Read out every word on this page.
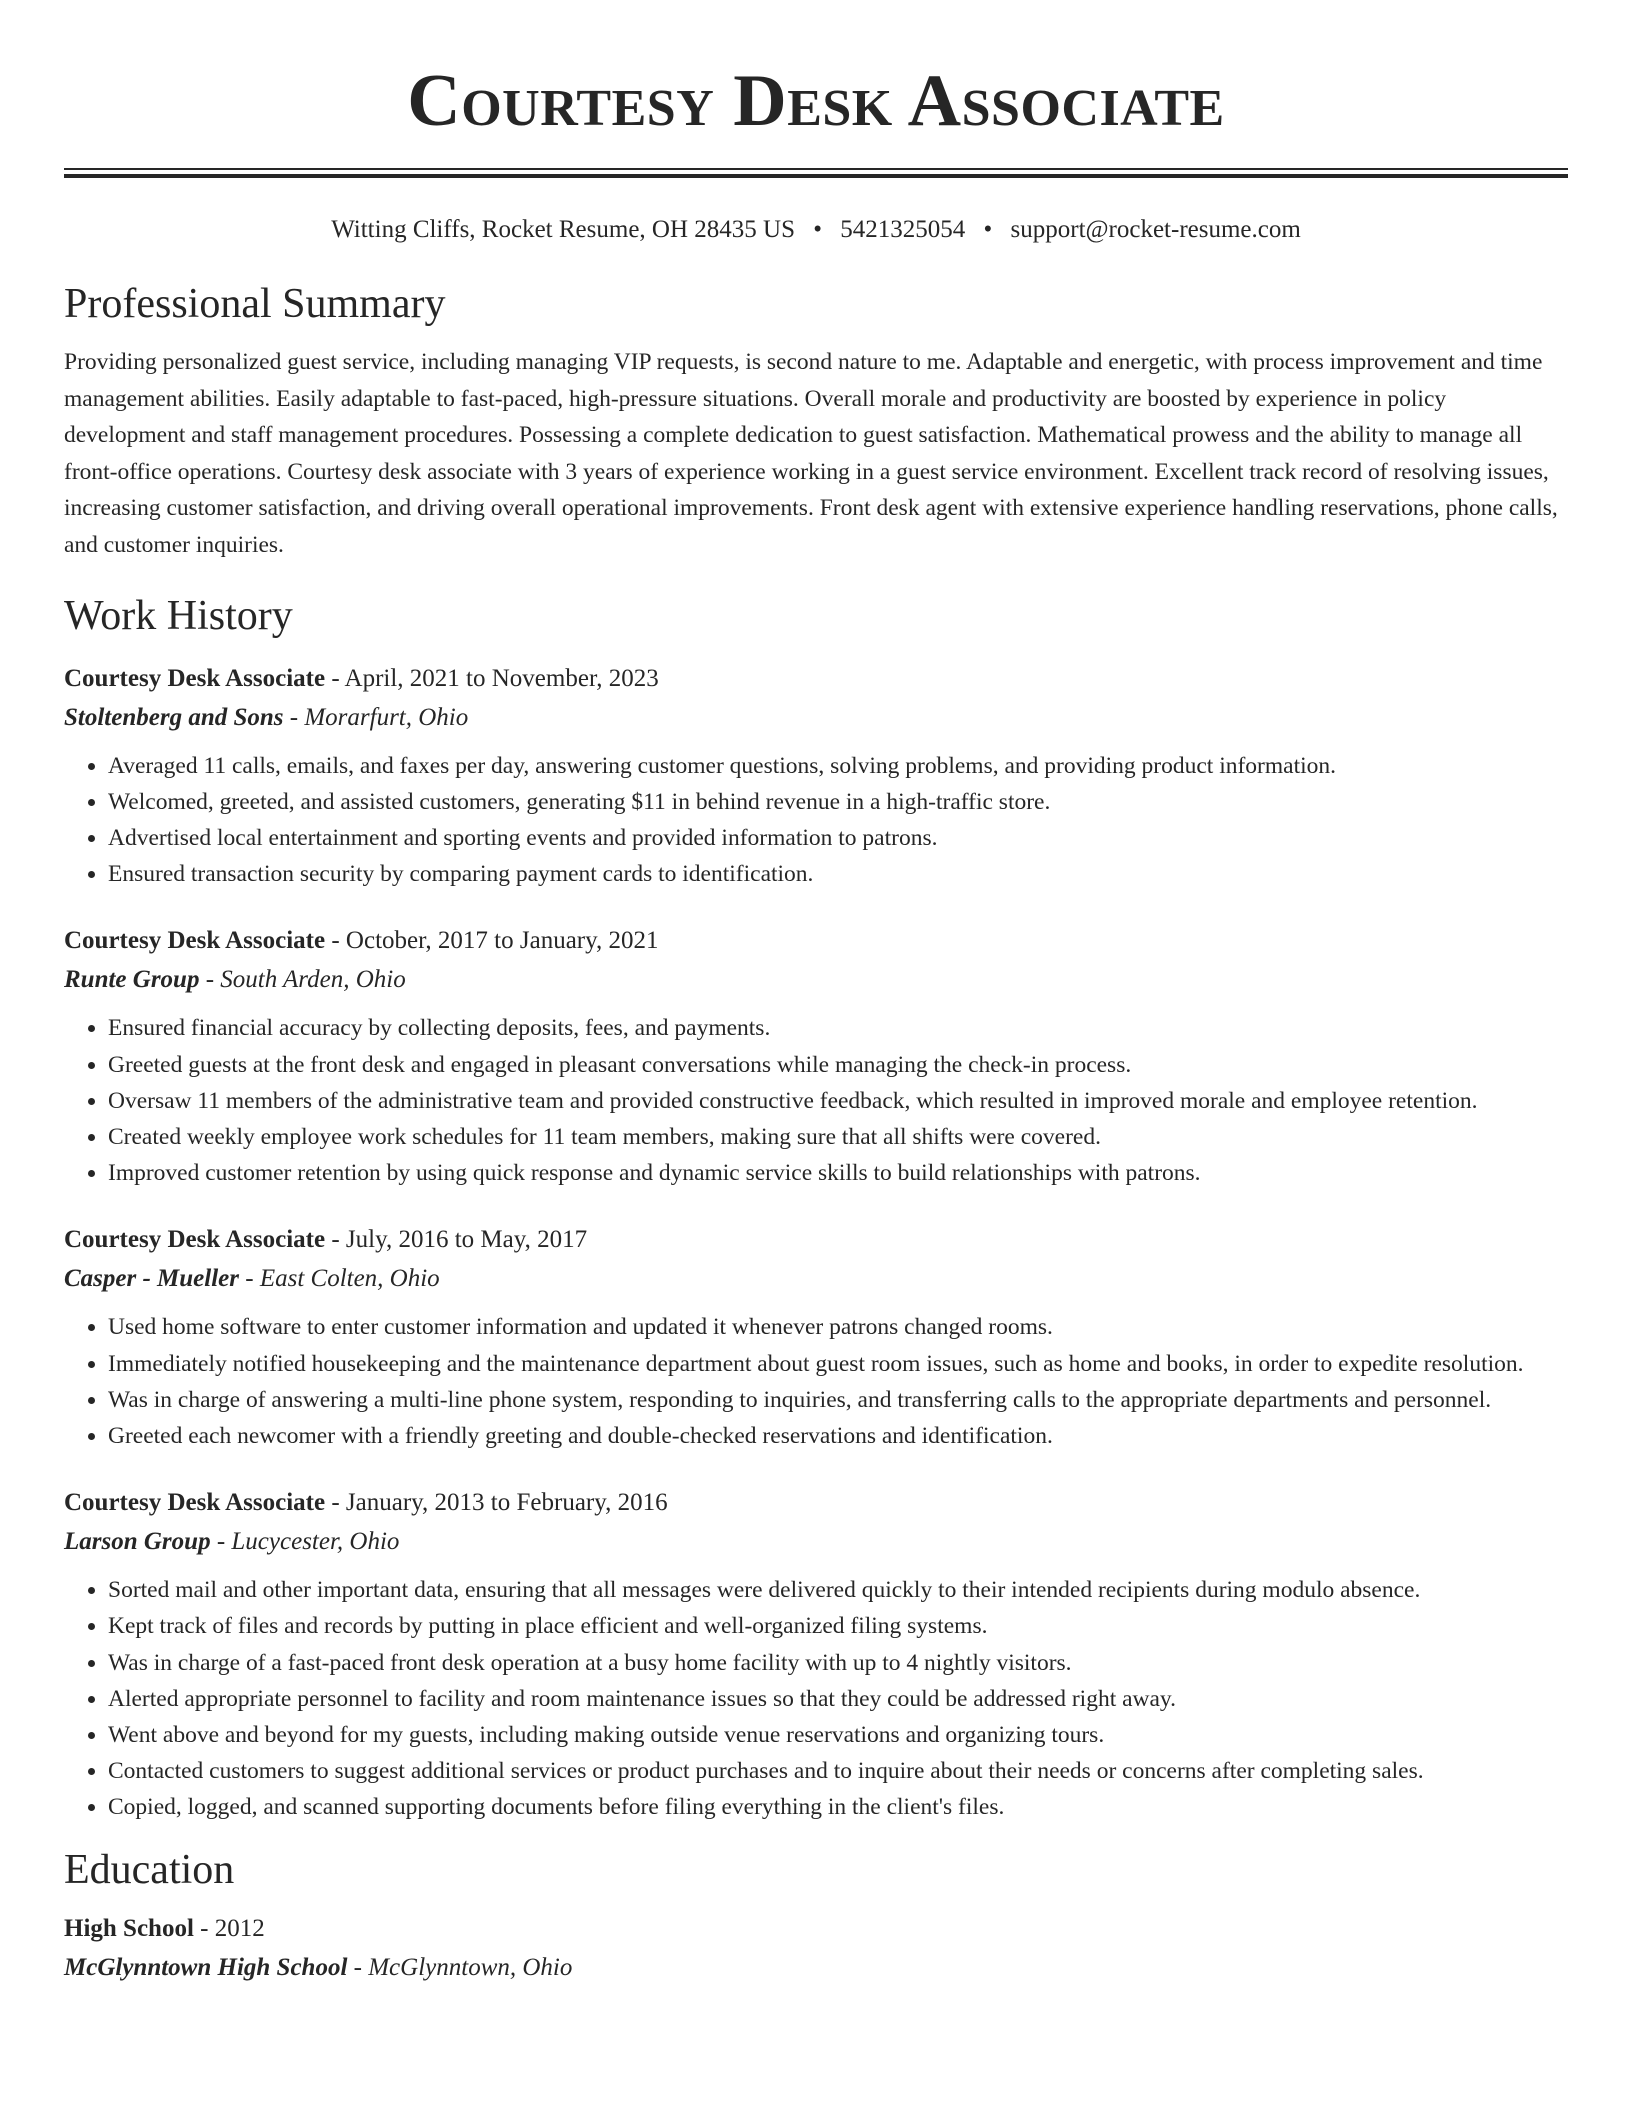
Courtesy Desk Associate
Witting Cliffs, Rocket Resume, OH 28435 US • 5421325054 • support@rocket-resume.com
Professional Summary

Providing personalized guest service, including managing VIP requests, is second nature to me. Adaptable and energetic, with process improvement and time management abilities. Easily adaptable to fast-paced, high-pressure situations. Overall morale and productivity are boosted by experience in policy development and staff management procedures. Possessing a complete dedication to guest satisfaction. Mathematical prowess and the ability to manage all front-office operations. Courtesy desk associate with 3 years of experience working in a guest service environment. Excellent track record of resolving issues, increasing customer satisfaction, and driving overall operational improvements. Front desk agent with extensive experience handling reservations, phone calls, and customer inquiries.

Work History
Courtesy Desk Associate - April, 2021 to November, 2023
Stoltenberg and Sons - Morarfurt, Ohio
• Averaged 11 calls, emails, and faxes per day, answering customer questions, solving problems, and providing product information.
• Welcomed, greeted, and assisted customers, generating $11 in behind revenue in a high-traffic store.
• Advertised local entertainment and sporting events and provided information to patrons.
• Ensured transaction security by comparing payment cards to identification.
Courtesy Desk Associate - October, 2017 to January, 2021
Runte Group - South Arden, Ohio
• Ensured financial accuracy by collecting deposits, fees, and payments.
• Greeted guests at the front desk and engaged in pleasant conversations while managing the check-in process.
• Oversaw 11 members of the administrative team and provided constructive feedback, which resulted in improved morale and employee retention.
• Created weekly employee work schedules for 11 team members, making sure that all shifts were covered.
• Improved customer retention by using quick response and dynamic service skills to build relationships with patrons.
Courtesy Desk Associate - July, 2016 to May, 2017
Casper - Mueller - East Colten, Ohio
• Used home software to enter customer information and updated it whenever patrons changed rooms.
• Immediately notified housekeeping and the maintenance department about guest room issues, such as home and books, in order to expedite resolution.
• Was in charge of answering a multi-line phone system, responding to inquiries, and transferring calls to the appropriate departments and personnel.
• Greeted each newcomer with a friendly greeting and double-checked reservations and identification.
Courtesy Desk Associate - January, 2013 to February, 2016
Larson Group - Lucycester, Ohio
• Sorted mail and other important data, ensuring that all messages were delivered quickly to their intended recipients during modulo absence.
• Kept track of files and records by putting in place efficient and well-organized filing systems.
• Was in charge of a fast-paced front desk operation at a busy home facility with up to 4 nightly visitors.
• Alerted appropriate personnel to facility and room maintenance issues so that they could be addressed right away.
• Went above and beyond for my guests, including making outside venue reservations and organizing tours.
• Contacted customers to suggest additional services or product purchases and to inquire about their needs or concerns after completing sales.
• Copied, logged, and scanned supporting documents before filing everything in the client's files.
Education
High School - 2012
McGlynntown High School - McGlynntown, Ohio
